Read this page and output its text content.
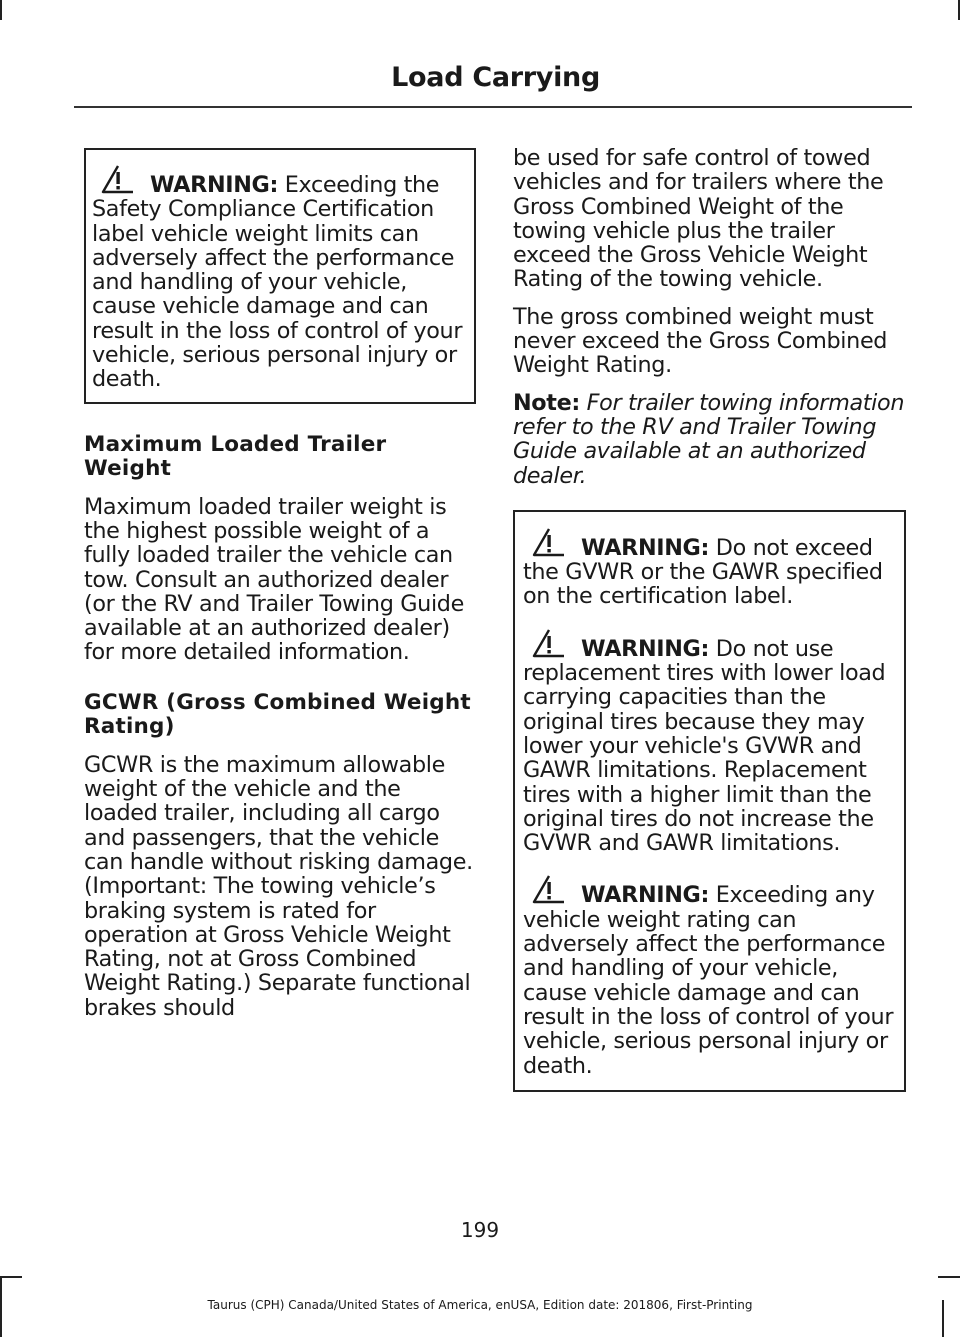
Load Carrying
WARNING: Exceeding the Safety Compliance Certification label vehicle weight limits can adversely affect the performance and handling of your vehicle, cause vehicle damage and can result in the loss of control of your vehicle, serious personal injury or death.
Maximum Loaded Trailer Weight

Maximum loaded trailer weight is the highest possible weight of a fully loaded trailer the vehicle can tow. Consult an authorized dealer (or the RV and Trailer Towing Guide available at an authorized dealer) for more detailed information.

GCWR (Gross Combined Weight Rating)

GCWR is the maximum allowable weight of the vehicle and the loaded trailer, including all cargo and passengers, that the vehicle can handle without risking damage. (Important: The towing vehicle’s braking system is rated for operation at Gross Vehicle Weight Rating, not at Gross Combined Weight Rating.) Separate functional brakes should

be used for safe control of towed vehicles and for trailers where the Gross Combined Weight of the towing vehicle plus the trailer exceed the Gross Vehicle Weight Rating of the towing vehicle.

The gross combined weight must never exceed the Gross Combined Weight Rating.

Note: For trailer towing information refer to the RV and Trailer Towing Guide available at an authorized dealer.

WARNING: Do not exceed the GVWR or the GAWR specified on the certification label.
WARNING: Do not use replacement tires with lower load carrying capacities than the original tires because they may lower your vehicle's GVWR and GAWR limitations. Replacement tires with a higher limit than the original tires do not increase the GVWR and GAWR limitations.
WARNING: Exceeding any vehicle weight rating can adversely affect the performance and handling of your vehicle, cause vehicle damage and can result in the loss of control of your vehicle, serious personal injury or death.
199
Taurus (CPH) Canada/United States of America, enUSA, Edition date: 201806, First-Printing
